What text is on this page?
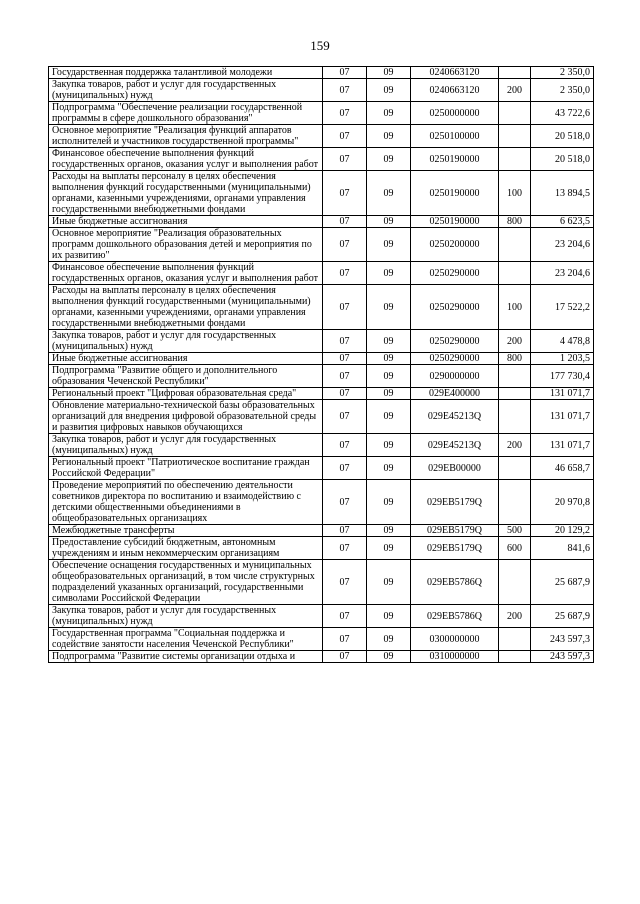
159
Государственная поддержка талантливой молодежи	07	09	0240663120		2 350,0
Закупка товаров, работ и услуг для государственных (муниципальных) нужд	07	09	0240663120	200	2 350,0
Подпрограмма "Обеспечение реализации государственной программы в сфере дошкольного образования"	07	09	0250000000		43 722,6
Основное мероприятие "Реализация функций аппаратов исполнителей и участников государственной программы"	07	09	0250100000		20 518,0
Финансовое обеспечение выполнения функций государственных органов, оказания услуг и выполнения работ	07	09	0250190000		20 518,0
Расходы на выплаты персоналу в целях обеспечения выполнения функций государственными (муниципальными) органами, казенными учреждениями, органами управления государственными внебюджетными фондами	07	09	0250190000	100	13 894,5
Иные бюджетные ассигнования	07	09	0250190000	800	6 623,5
Основное мероприятие "Реализация образовательных программ дошкольного образования детей и мероприятия по их развитию"	07	09	0250200000		23 204,6
Финансовое обеспечение выполнения функций государственных органов, оказания услуг и выполнения работ	07	09	0250290000		23 204,6
Расходы на выплаты персоналу в целях обеспечения выполнения функций государственными (муниципальными) органами, казенными учреждениями, органами управления государственными внебюджетными фондами	07	09	0250290000	100	17 522,2
Закупка товаров, работ и услуг для государственных (муниципальных) нужд	07	09	0250290000	200	4 478,8
Иные бюджетные ассигнования	07	09	0250290000	800	1 203,5
Подпрограмма "Развитие общего и дополнительного образования Чеченской Республики"	07	09	0290000000		177 730,4
Региональный проект "Цифровая образовательная среда"	07	09	029E400000		131 071,7
Обновление материально-технической базы образовательных организаций для внедрения цифровой образовательной среды и развития цифровых навыков обучающихся	07	09	029E45213Q		131 071,7
Закупка товаров, работ и услуг для государственных (муниципальных) нужд	07	09	029E45213Q	200	131 071,7
Региональный проект "Патриотическое воспитание граждан Российской Федерации"	07	09	029EB00000		46 658,7
Проведение мероприятий по обеспечению деятельности советников директора по воспитанию и взаимодействию с детскими общественными объединениями в общеобразовательных организациях	07	09	029EB5179Q		20 970,8
Межбюджетные трансферты	07	09	029EB5179Q	500	20 129,2
Предоставление субсидий бюджетным, автономным учреждениям и иным некоммерческим организациям	07	09	029EB5179Q	600	841,6
Обеспечение оснащения государственных и муниципальных общеобразовательных организаций, в том числе структурных подразделений указанных организаций, государственными символами Российской Федерации	07	09	029EB5786Q		25 687,9
Закупка товаров, работ и услуг для государственных (муниципальных) нужд	07	09	029EB5786Q	200	25 687,9
Государственная программа "Социальная поддержка и содействие занятости населения Чеченской Республики"	07	09	0300000000		243 597,3
Подпрограмма "Развитие системы организации отдыха и	07	09	0310000000		243 597,3
